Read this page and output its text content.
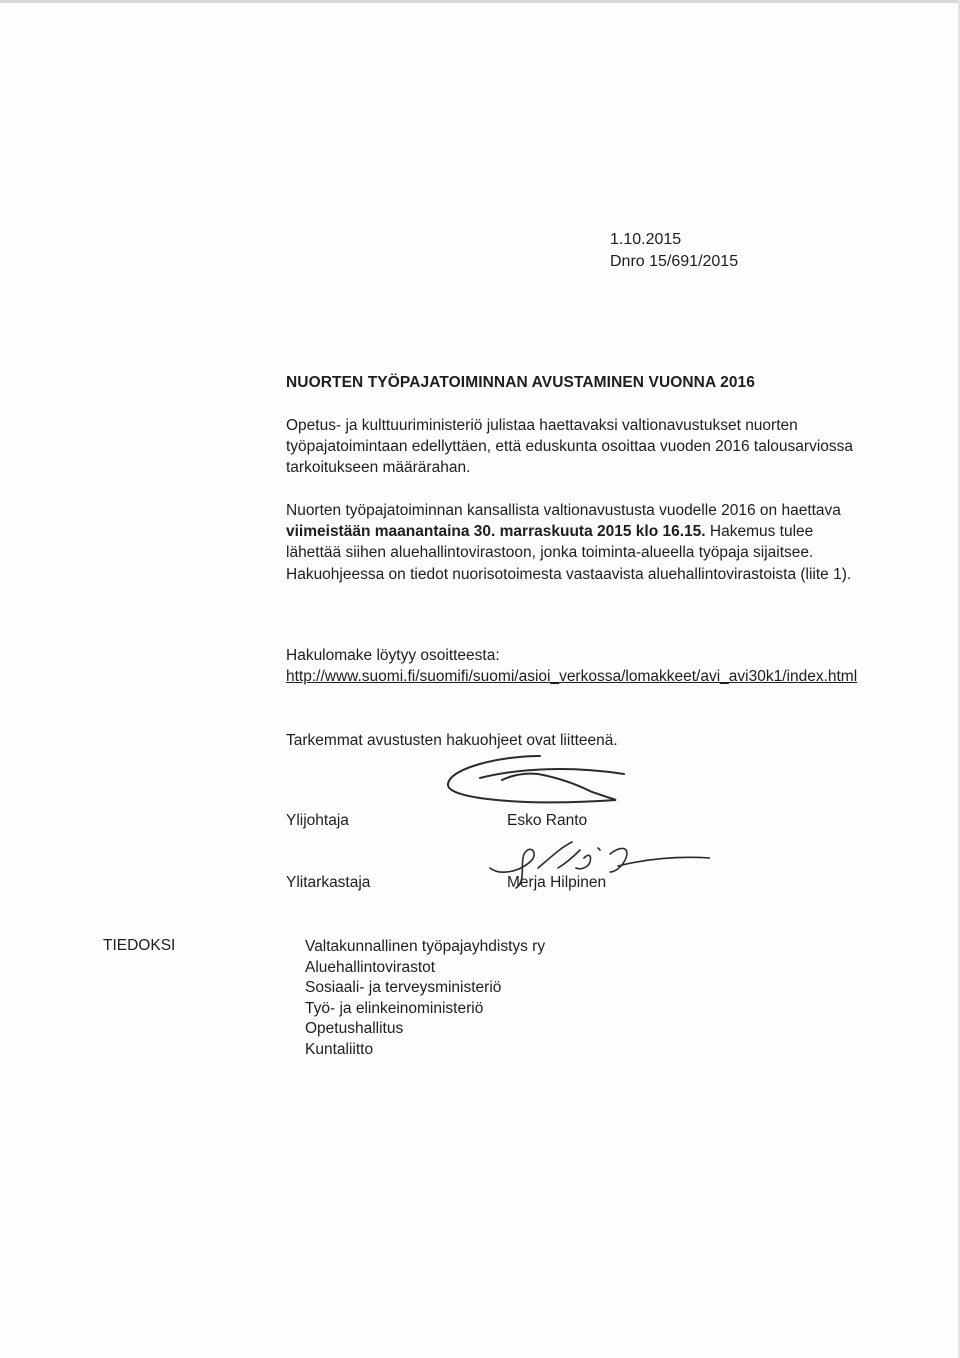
1.10.2015
Dnro 15/691/2015
NUORTEN TYÖPAJATOIMINNAN AVUSTAMINEN VUONNA 2016
Opetus- ja kulttuuriministeriö julistaa haettavaksi valtionavustukset nuorten työpajatoimintaan edellyttäen, että eduskunta osoittaa vuoden 2016 talousarviossa tarkoitukseen määrärahan.
Nuorten työpajatoiminnan kansallista valtionavustusta vuodelle 2016 on haettava viimeistään maanantaina 30. marraskuuta 2015 klo 16.15. Hakemus tulee lähettää siihen aluehallintovirastoon, jonka toiminta-alueella työpaja sijaitsee. Hakuohjeessa on tiedot nuorisotoimesta vastaavista aluehallintovirastoista (liite 1).
Hakulomake löytyy osoitteesta:
http://www.suomi.fi/suomifi/suomi/asioi_verkossa/lomakkeet/avi_avi30k1/index.html
Tarkemmat avustusten hakuohjeet ovat liitteenä.
Ylijohtaja	Esko Ranto
Ylitarkastaja	Merja Hilpinen
TIEDOKSI	Valtakunnallinen työpajayhdistys ry
Aluehallintovirastot
Sosiaali- ja terveysministeriö
Työ- ja elinkeinoministeriö
Opetushallitus
Kuntaliitto
